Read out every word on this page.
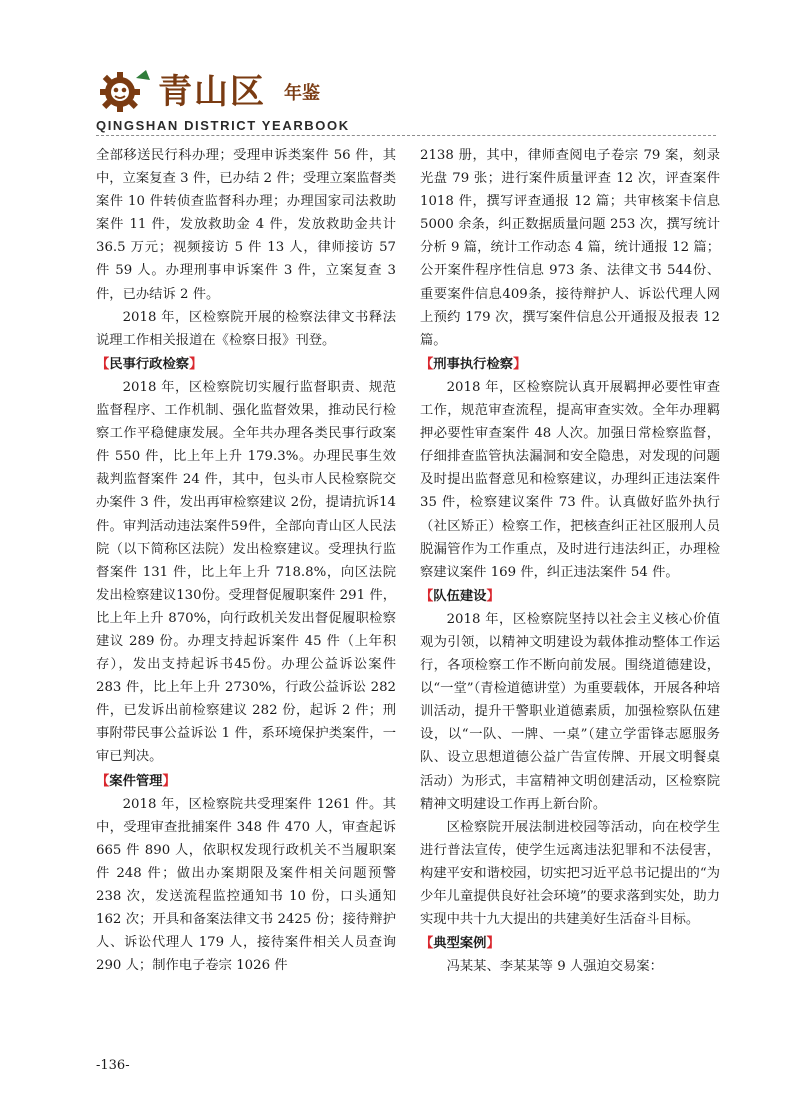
青山区 年鉴
QINGSHAN DISTRICT YEARBOOK

全部移送民行科办理；受理申诉类案件 56 件，其中，立案复查 3 件，已办结 2 件；受理立案监督类案件 10 件转侦查监督科办理；办理国家司法救助案件 11 件，发放救助金 4 件，发放救助金共计 36.5 万元；视频接访 5 件 13 人，律师接访 57 件 59 人。办理刑事申诉案件 3 件，立案复查 3 件，已办结诉 2 件。

2018 年，区检察院开展的检察法律文书释法说理工作相关报道在《检察日报》刊登。

【民事行政检察】

2018 年，区检察院切实履行监督职责、规范监督程序、工作机制、强化监督效果，推动民行检察工作平稳健康发展。全年共办理各类民事行政案件 550 件，比上年上升 179.3%。办理民事生效裁判监督案件 24 件，其中，包头市人民检察院交办案件 3 件，发出再审检察建议 2份，提请抗诉14件。审判活动违法案件59件，全部向青山区人民法院（以下简称区法院）发出检察建议。受理执行监督案件 131 件，比上年上升 718.8%，向区法院发出检察建议130份。受理督促履职案件 291 件，比上年上升 870%，向行政机关发出督促履职检察建议 289 份。办理支持起诉案件 45 件（上年积存），发出支持起诉书45份。办理公益诉讼案件 283 件，比上年上升 2730%，行政公益诉讼 282 件，已发诉出前检察建议 282 份，起诉 2 件；刑事附带民事公益诉讼 1 件，系环境保护类案件，一审已判决。

【案件管理】

2018 年，区检察院共受理案件 1261 件。其中，受理审查批捕案件 348 件 470 人，审查起诉 665 件 890 人，依职权发现行政机关不当履职案件 248 件；做出办案期限及案件相关问题预警 238 次，发送流程监控通知书 10 份，口头通知 162 次；开具和备案法律文书 2425 份；接待辩护人、诉讼代理人 179 人，接待案件相关人员查询 290 人；制作电子卷宗 1026 件

2138 册，其中，律师查阅电子卷宗 79 案，刻录光盘 79 张；进行案件质量评查 12 次，评查案件 1018 件，撰写评查通报 12 篇；共审核案卡信息 5000 余条，纠正数据质量问题 253 次，撰写统计分析 9 篇，统计工作动态 4 篇，统计通报 12 篇；公开案件程序性信息 973 条、法律文书 544份、重要案件信息409条，接待辩护人、诉讼代理人网上预约 179 次，撰写案件信息公开通报及报表 12 篇。

【刑事执行检察】

2018 年，区检察院认真开展羁押必要性审查工作，规范审查流程，提高审查实效。全年办理羁押必要性审查案件 48 人次。加强日常检察监督，仔细排查监管执法漏洞和安全隐患，对发现的问题及时提出监督意见和检察建议，办理纠正违法案件 35 件，检察建议案件 73 件。认真做好监外执行（社区矫正）检察工作，把核查纠正社区服刑人员脱漏管作为工作重点，及时进行违法纠正，办理检察建议案件 169 件，纠正违法案件 54 件。

【队伍建设】

2018 年，区检察院坚持以社会主义核心价值观为引领，以精神文明建设为载体推动整体工作运行，各项检察工作不断向前发展。围绕道德建设，以“一堂”（青检道德讲堂）为重要载体，开展各种培训活动，提升干警职业道德素质，加强检察队伍建设，以“一队、一牌、一桌”（建立学雷锋志愿服务队、设立思想道德公益广告宣传牌、开展文明餐桌活动）为形式，丰富精神文明创建活动，区检察院精神文明建设工作再上新台阶。

区检察院开展法制进校园等活动，向在校学生进行普法宣传，使学生远离违法犯罪和不法侵害，构建平安和谐校园，切实把习近平总书记提出的“为少年儿童提供良好社会环境”的要求落到实处，助力实现中共十九大提出的共建美好生活奋斗目标。

【典型案例】

冯某某、李某某等 9 人强迫交易案：

-136-
